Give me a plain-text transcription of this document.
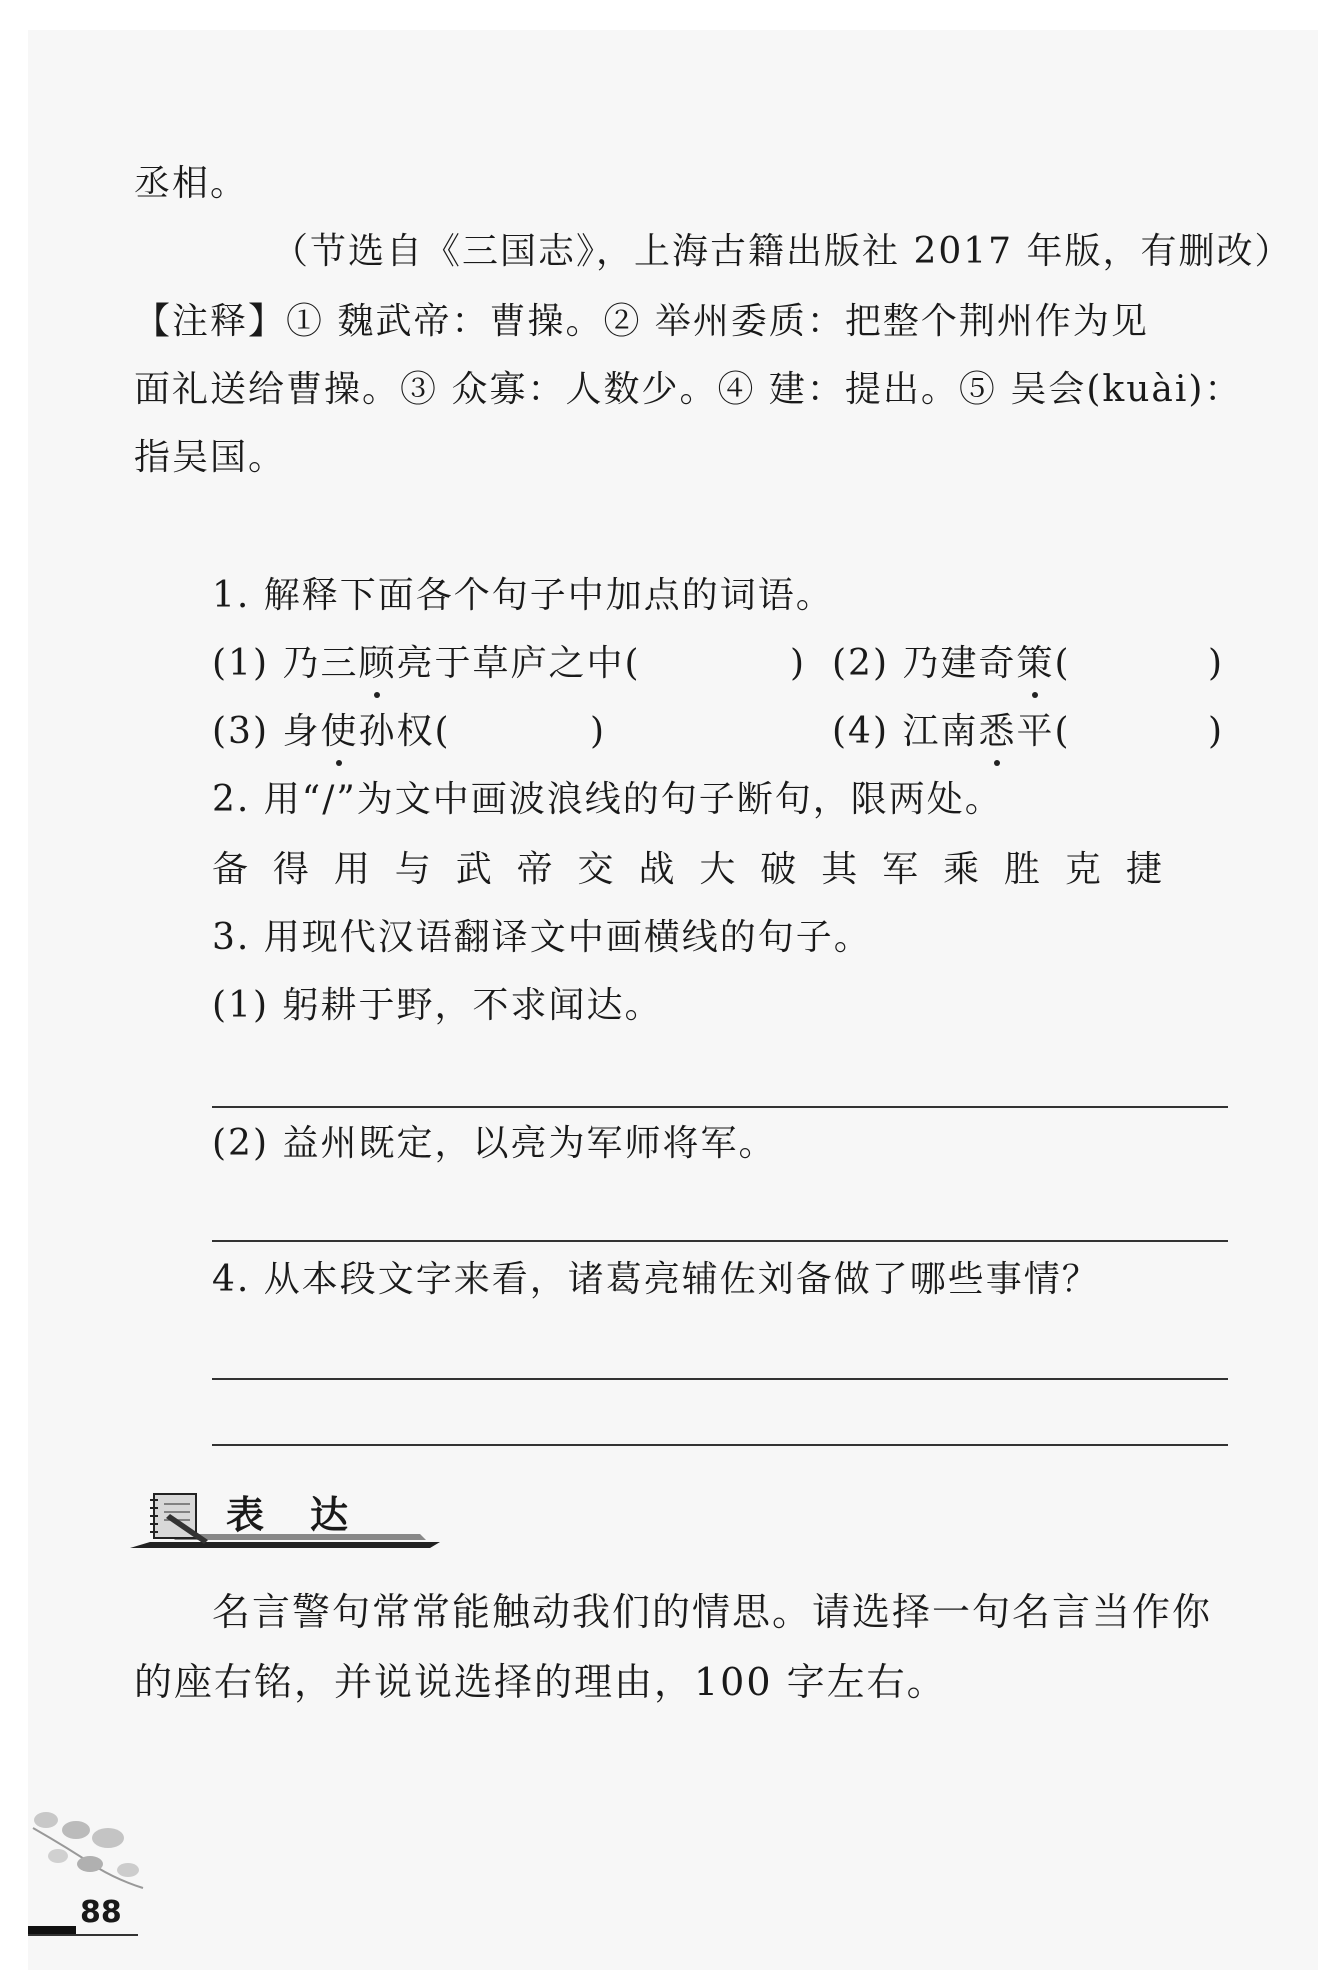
丞相。
（节选自《三国志》，上海古籍出版社 2017 年版，有删改）
【注释】① 魏武帝：曹操。② 举州委质：把整个荆州作为见
面礼送给曹操。③ 众寡：人数少。④ 建：提出。⑤ 吴会(kuài)：
指吴国。
1. 解释下面各个句子中加点的词语。
(1) 乃三顾亮于草庐之中(	) (2) 乃建奇策(	)
(3) 身使孙权(	)	(4) 江南悉平(	)
2. 用“/”为文中画波浪线的句子断句，限两处。
备 得 用 与 武 帝 交 战 大 破 其 军 乘 胜 克 捷
3. 用现代汉语翻译文中画横线的句子。
(1) 躬耕于野，不求闻达。
(2) 益州既定，以亮为军师将军。
4. 从本段文字来看，诸葛亮辅佐刘备做了哪些事情？
表　达
名言警句常常能触动我们的情思。请选择一句名言当作你
的座右铭，并说说选择的理由，100 字左右。
88
